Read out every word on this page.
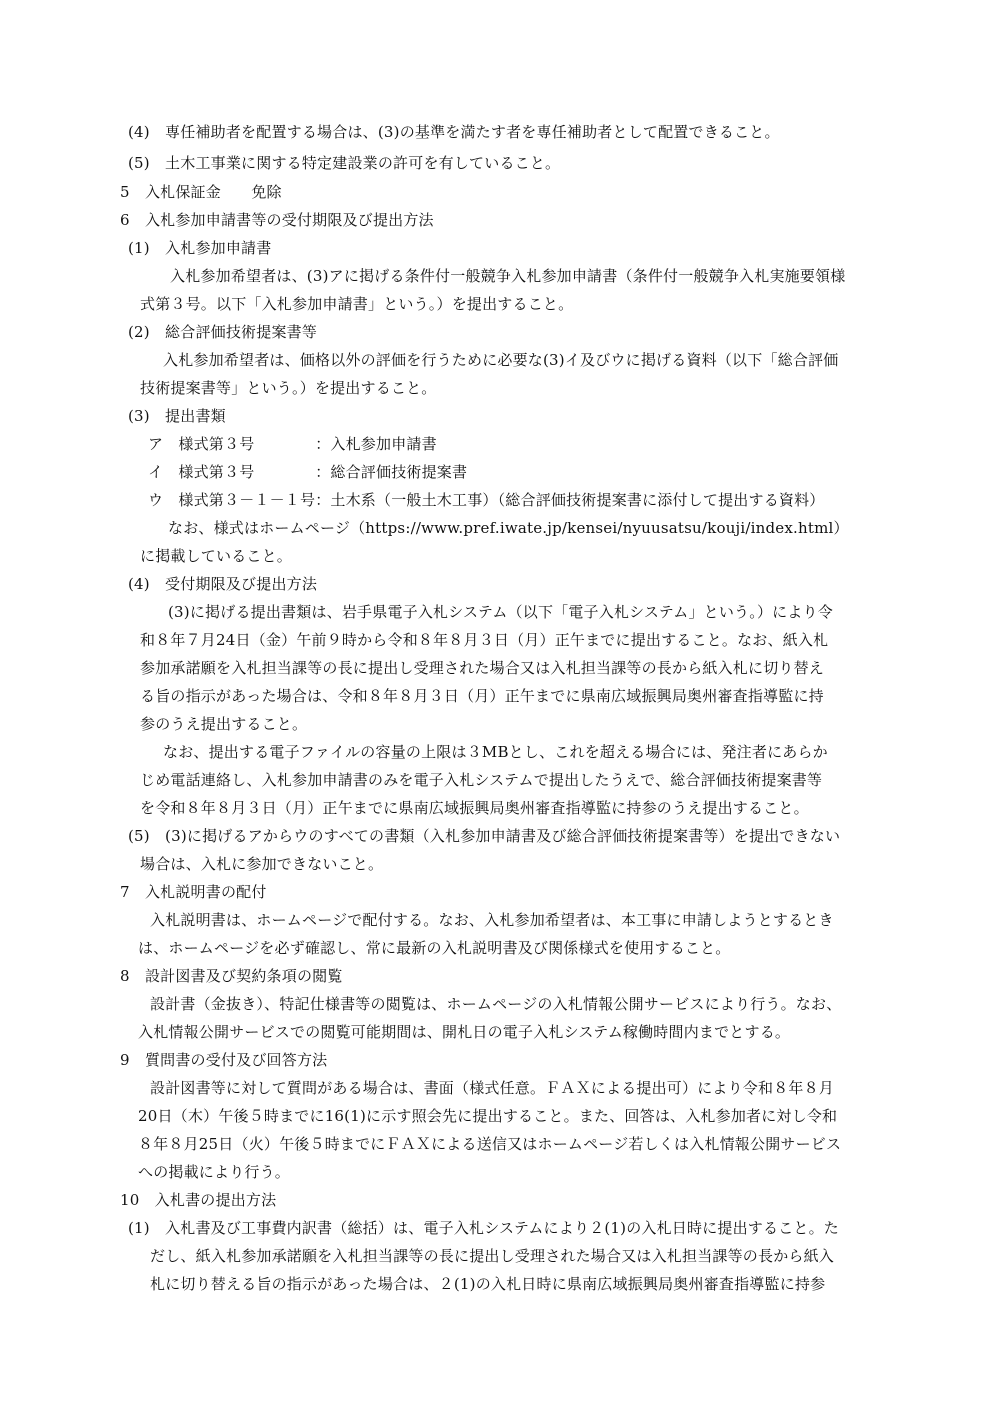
(4)　専任補助者を配置する場合は、(3)の基準を満たす者を専任補助者として配置できること。
(5)　土木工事業に関する特定建設業の許可を有していること。
5　入札保証金　　免除
6　入札参加申請書等の受付期限及び提出方法
(1)　入札参加申請書
入札参加希望者は、(3)アに掲げる条件付一般競争入札参加申請書（条件付一般競争入札実施要領様
式第３号。以下「入札参加申請書」という。）を提出すること。
(2)　総合評価技術提案書等
入札参加希望者は、価格以外の評価を行うために必要な(3)イ及びウに掲げる資料（以下「総合評価
技術提案書等」という。）を提出すること。
(3)　提出書類
ア　様式第３号　　　　：入札参加申請書
イ　様式第３号　　　　：総合評価技術提案書
ウ　様式第３－１－１号：土木系（一般土木工事）（総合評価技術提案書に添付して提出する資料）
なお、様式はホームページ（https://www.pref.iwate.jp/kensei/nyuusatsu/kouji/index.html）
に掲載していること。
(4)　受付期限及び提出方法
(3)に掲げる提出書類は、岩手県電子入札システム（以下「電子入札システム」という。）により令
和８年７月24日（金）午前９時から令和８年８月３日（月）正午までに提出すること。なお、紙入札
参加承諾願を入札担当課等の長に提出し受理された場合又は入札担当課等の長から紙入札に切り替え
る旨の指示があった場合は、令和８年８月３日（月）正午までに県南広域振興局奥州審査指導監に持
参のうえ提出すること。
なお、提出する電子ファイルの容量の上限は３MBとし、これを超える場合には、発注者にあらか
じめ電話連絡し、入札参加申請書のみを電子入札システムで提出したうえで、総合評価技術提案書等
を令和８年８月３日（月）正午までに県南広域振興局奥州審査指導監に持参のうえ提出すること。
(5)　(3)に掲げるアからウのすべての書類（入札参加申請書及び総合評価技術提案書等）を提出できない
場合は、入札に参加できないこと。
7　入札説明書の配付
入札説明書は、ホームページで配付する。なお、入札参加希望者は、本工事に申請しようとするとき
は、ホームページを必ず確認し、常に最新の入札説明書及び関係様式を使用すること。
8　設計図書及び契約条項の閲覧
設計書（金抜き）、特記仕様書等の閲覧は、ホームページの入札情報公開サービスにより行う。なお、
入札情報公開サービスでの閲覧可能期間は、開札日の電子入札システム稼働時間内までとする。
9　質問書の受付及び回答方法
設計図書等に対して質問がある場合は、書面（様式任意。ＦＡＸによる提出可）により令和８年８月
20日（木）午後５時までに16(1)に示す照会先に提出すること。また、回答は、入札参加者に対し令和
８年８月25日（火）午後５時までにＦＡＸによる送信又はホームページ若しくは入札情報公開サービス
への掲載により行う。
10　入札書の提出方法
(1)　入札書及び工事費内訳書（総括）は、電子入札システムにより２(1)の入札日時に提出すること。た
だし、紙入札参加承諾願を入札担当課等の長に提出し受理された場合又は入札担当課等の長から紙入
札に切り替える旨の指示があった場合は、２(1)の入札日時に県南広域振興局奥州審査指導監に持参
